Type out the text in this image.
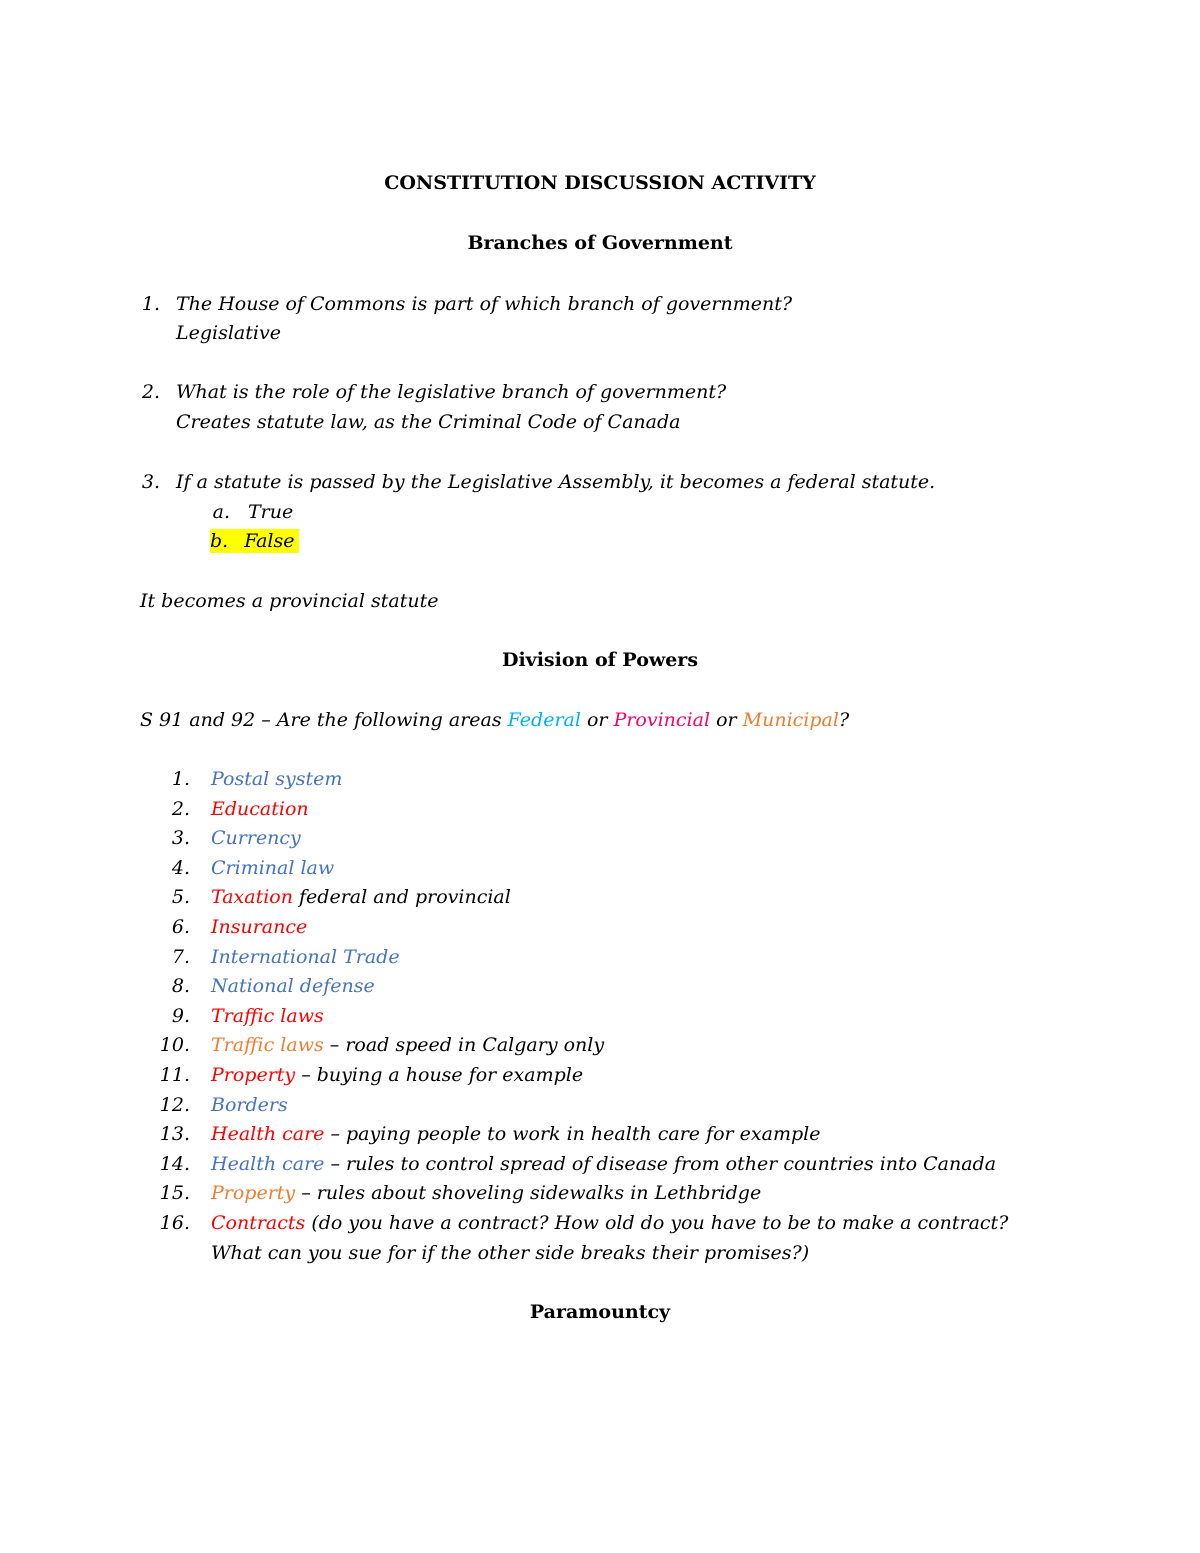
CONSTITUTION DISCUSSION ACTIVITY
Branches of Government
1. The House of Commons is part of which branch of government?
Legislative
2. What is the role of the legislative branch of government?
Creates statute law, as the Criminal Code of Canada
3. If a statute is passed by the Legislative Assembly, it becomes a federal statute.
a. True
b. False
It becomes a provincial statute
Division of Powers
S 91 and 92 – Are the following areas Federal or Provincial or Municipal?
1. Postal system
2. Education
3. Currency
4. Criminal law
5. Taxation federal and provincial
6. Insurance
7. International Trade
8. National defense
9. Traffic laws
10. Traffic laws – road speed in Calgary only
11. Property – buying a house for example
12. Borders
13. Health care – paying people to work in health care for example
14. Health care – rules to control spread of disease from other countries into Canada
15. Property – rules about shoveling sidewalks in Lethbridge
16. Contracts (do you have a contract? How old do you have to be to make a contract?
What can you sue for if the other side breaks their promises?)
Paramountcy
